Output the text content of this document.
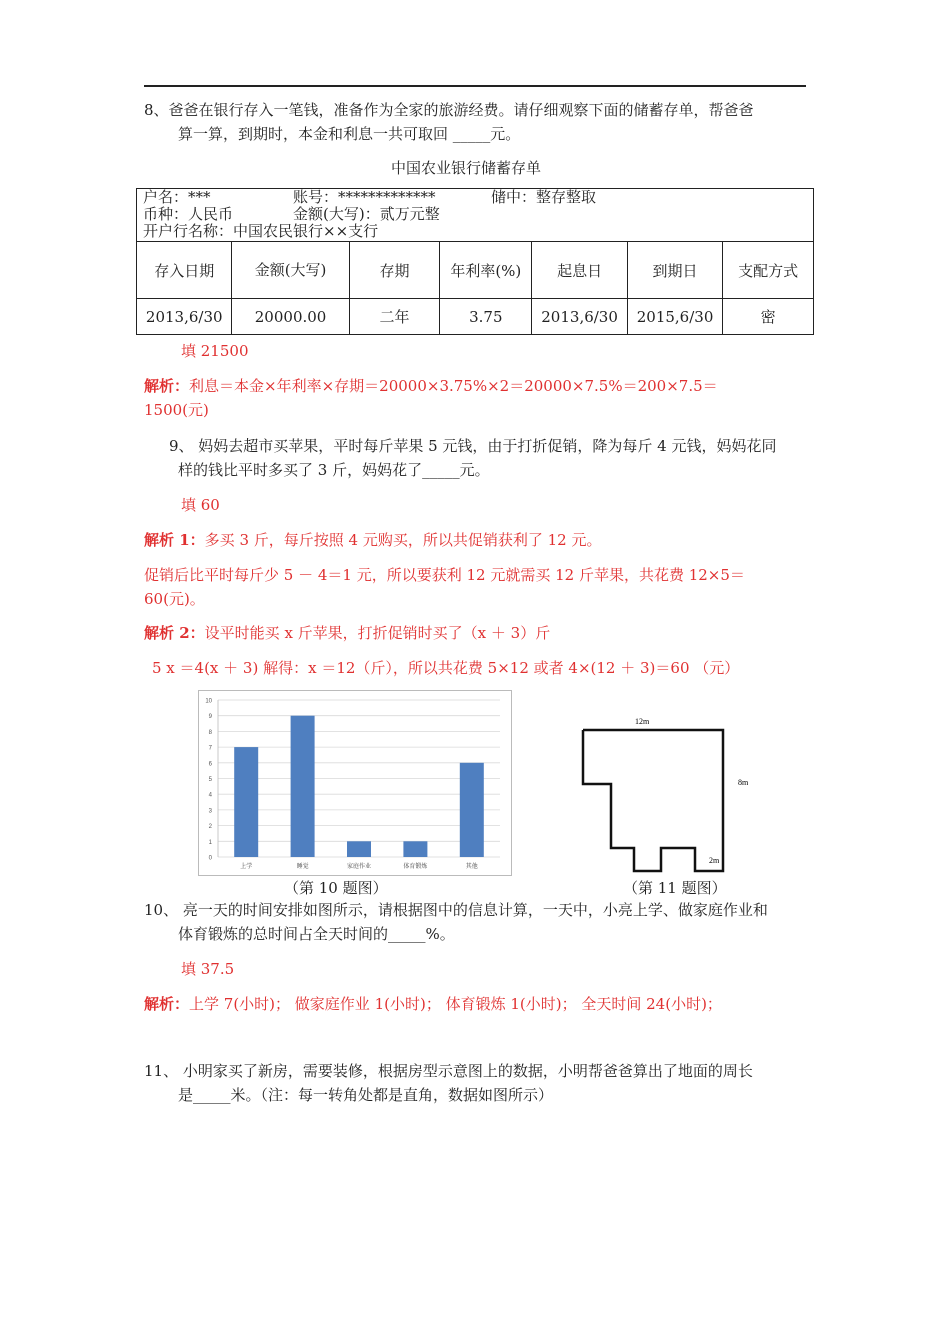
8、爸爸在银行存入一笔钱，准备作为全家的旅游经费。请仔细观察下面的储蓄存单，帮爸爸
算一算，到期时，本金和利息一共可取回 _____元。
中国农业银行储蓄存单
户名：*** 账号：************* 储中：整存整取
币种：人民币 金额(大写)：贰万元整
开户行名称：中国农民银行××支行						

存入日期	金额(大写)	存期	年利率(%)	起息日	到期日	支配方式
2013,6/30	20000.00	二年	3.75	2013,6/30	2015,6/30	密
填 21500
解析：利息＝本金×年利率×存期＝20000×3.75%×2＝20000×7.5%＝200×7.5＝
1500(元)
9、 妈妈去超市买苹果，平时每斤苹果 5 元钱，由于打折促销，降为每斤 4 元钱，妈妈花同
样的钱比平时多买了 3 斤，妈妈花了_____元。
填 60
解析 1：多买 3 斤，每斤按照 4 元购买，所以共促销获利了 12 元。
促销后比平时每斤少 5 － 4＝1 元，所以要获利 12 元就需买 12 斤苹果，共花费 12×5＝
60(元)。
解析 2：设平时能买 x 斤苹果，打折促销时买了（x ＋ 3）斤
5 x ＝4(x ＋ 3) 解得：x ＝12（斤），所以共花费 5×12 或者 4×(12 ＋ 3)＝60 （元）
0
1
2
3
4
5
6
7
8
9
10
上学	睡觉	家庭作业	体育锻炼	其他
12m
8m
2m
（第 10 题图）	（第 11 题图）
10、 亮一天的时间安排如图所示，请根据图中的信息计算，一天中，小亮上学、做家庭作业和
体育锻炼的总时间占全天时间的_____%。
填 37.5
解析：上学 7(小时)； 做家庭作业 1(小时)； 体育锻炼 1(小时)； 全天时间 24(小时)；
11、 小明家买了新房，需要装修，根据房型示意图上的数据，小明帮爸爸算出了地面的周长
是_____米。（注：每一转角处都是直角，数据如图所示）
